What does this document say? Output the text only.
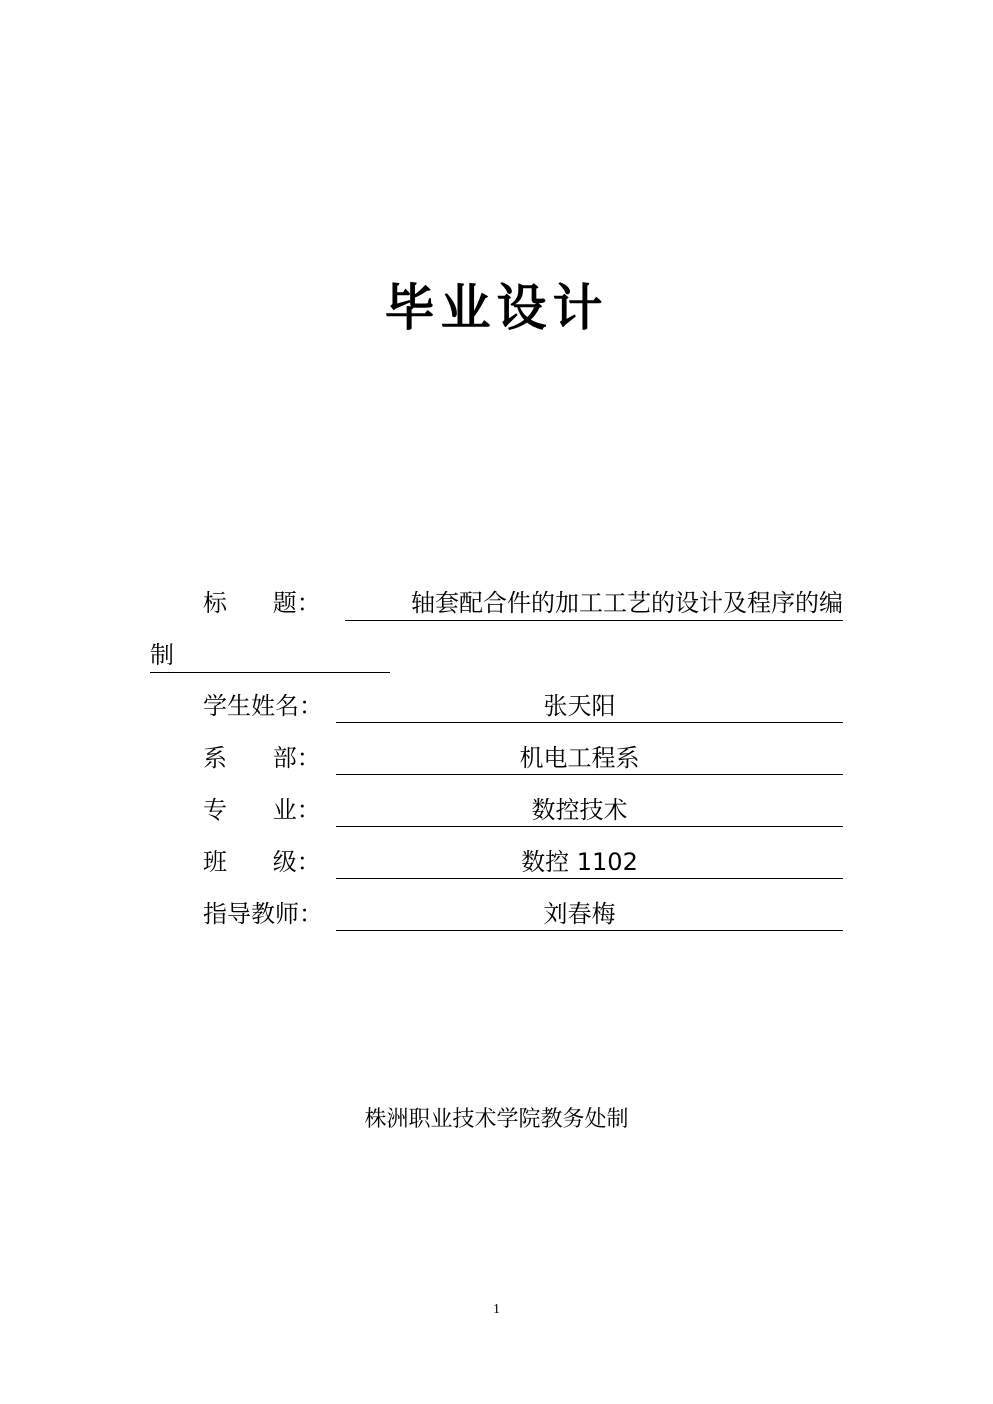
毕业设计
标      题：	轴套配合件的加工工艺的设计及程序的编
制
学生姓名：	张天阳
系      部：	机电工程系
专      业：	数控技术
班      级：	数控 1102
指导教师：	刘春梅
株洲职业技术学院教务处制
1
